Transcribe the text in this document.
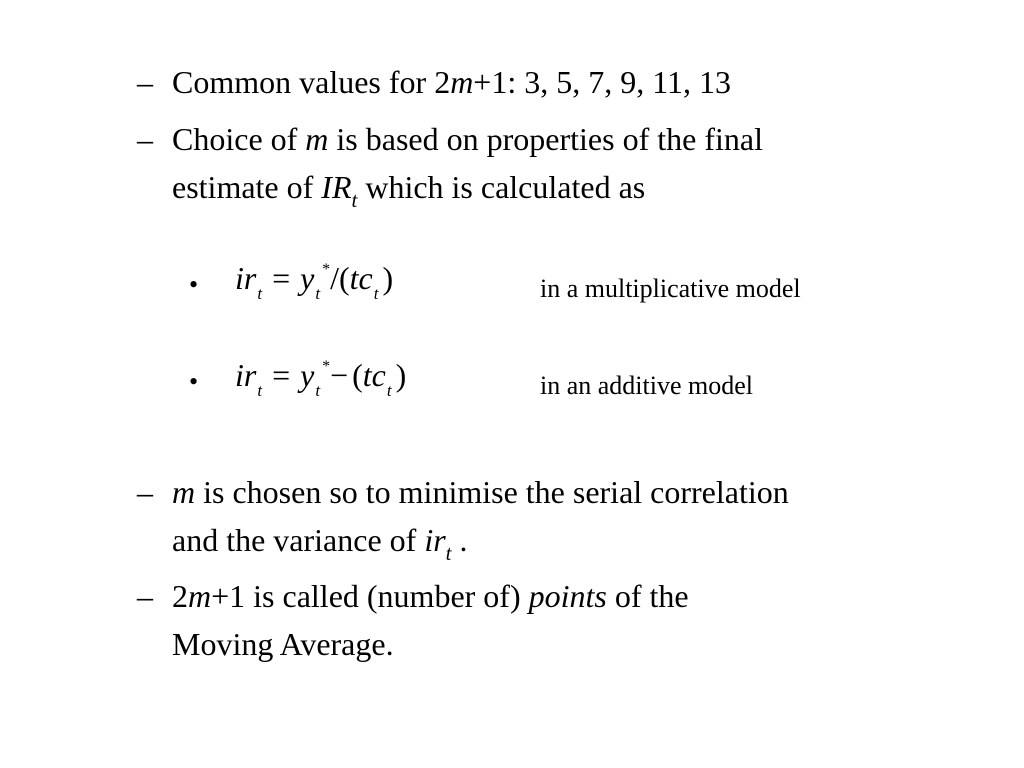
– Common values for 2m+1: 3, 5, 7, 9, 11, 13
– Choice of m is based on properties of the final
estimate of $IR_t$ which is calculated as
• $ir_t = y$ *
$_t$ $/(tc_t$ )	in a multiplicative model
• $ir_t = y$ *
$_t - (tc_t$ )	in an additive model
– m is chosen so to minimise the serial correlation
and the variance of $ir_t$ .
– 2m+1 is called (number of) points of the
Moving Average.
